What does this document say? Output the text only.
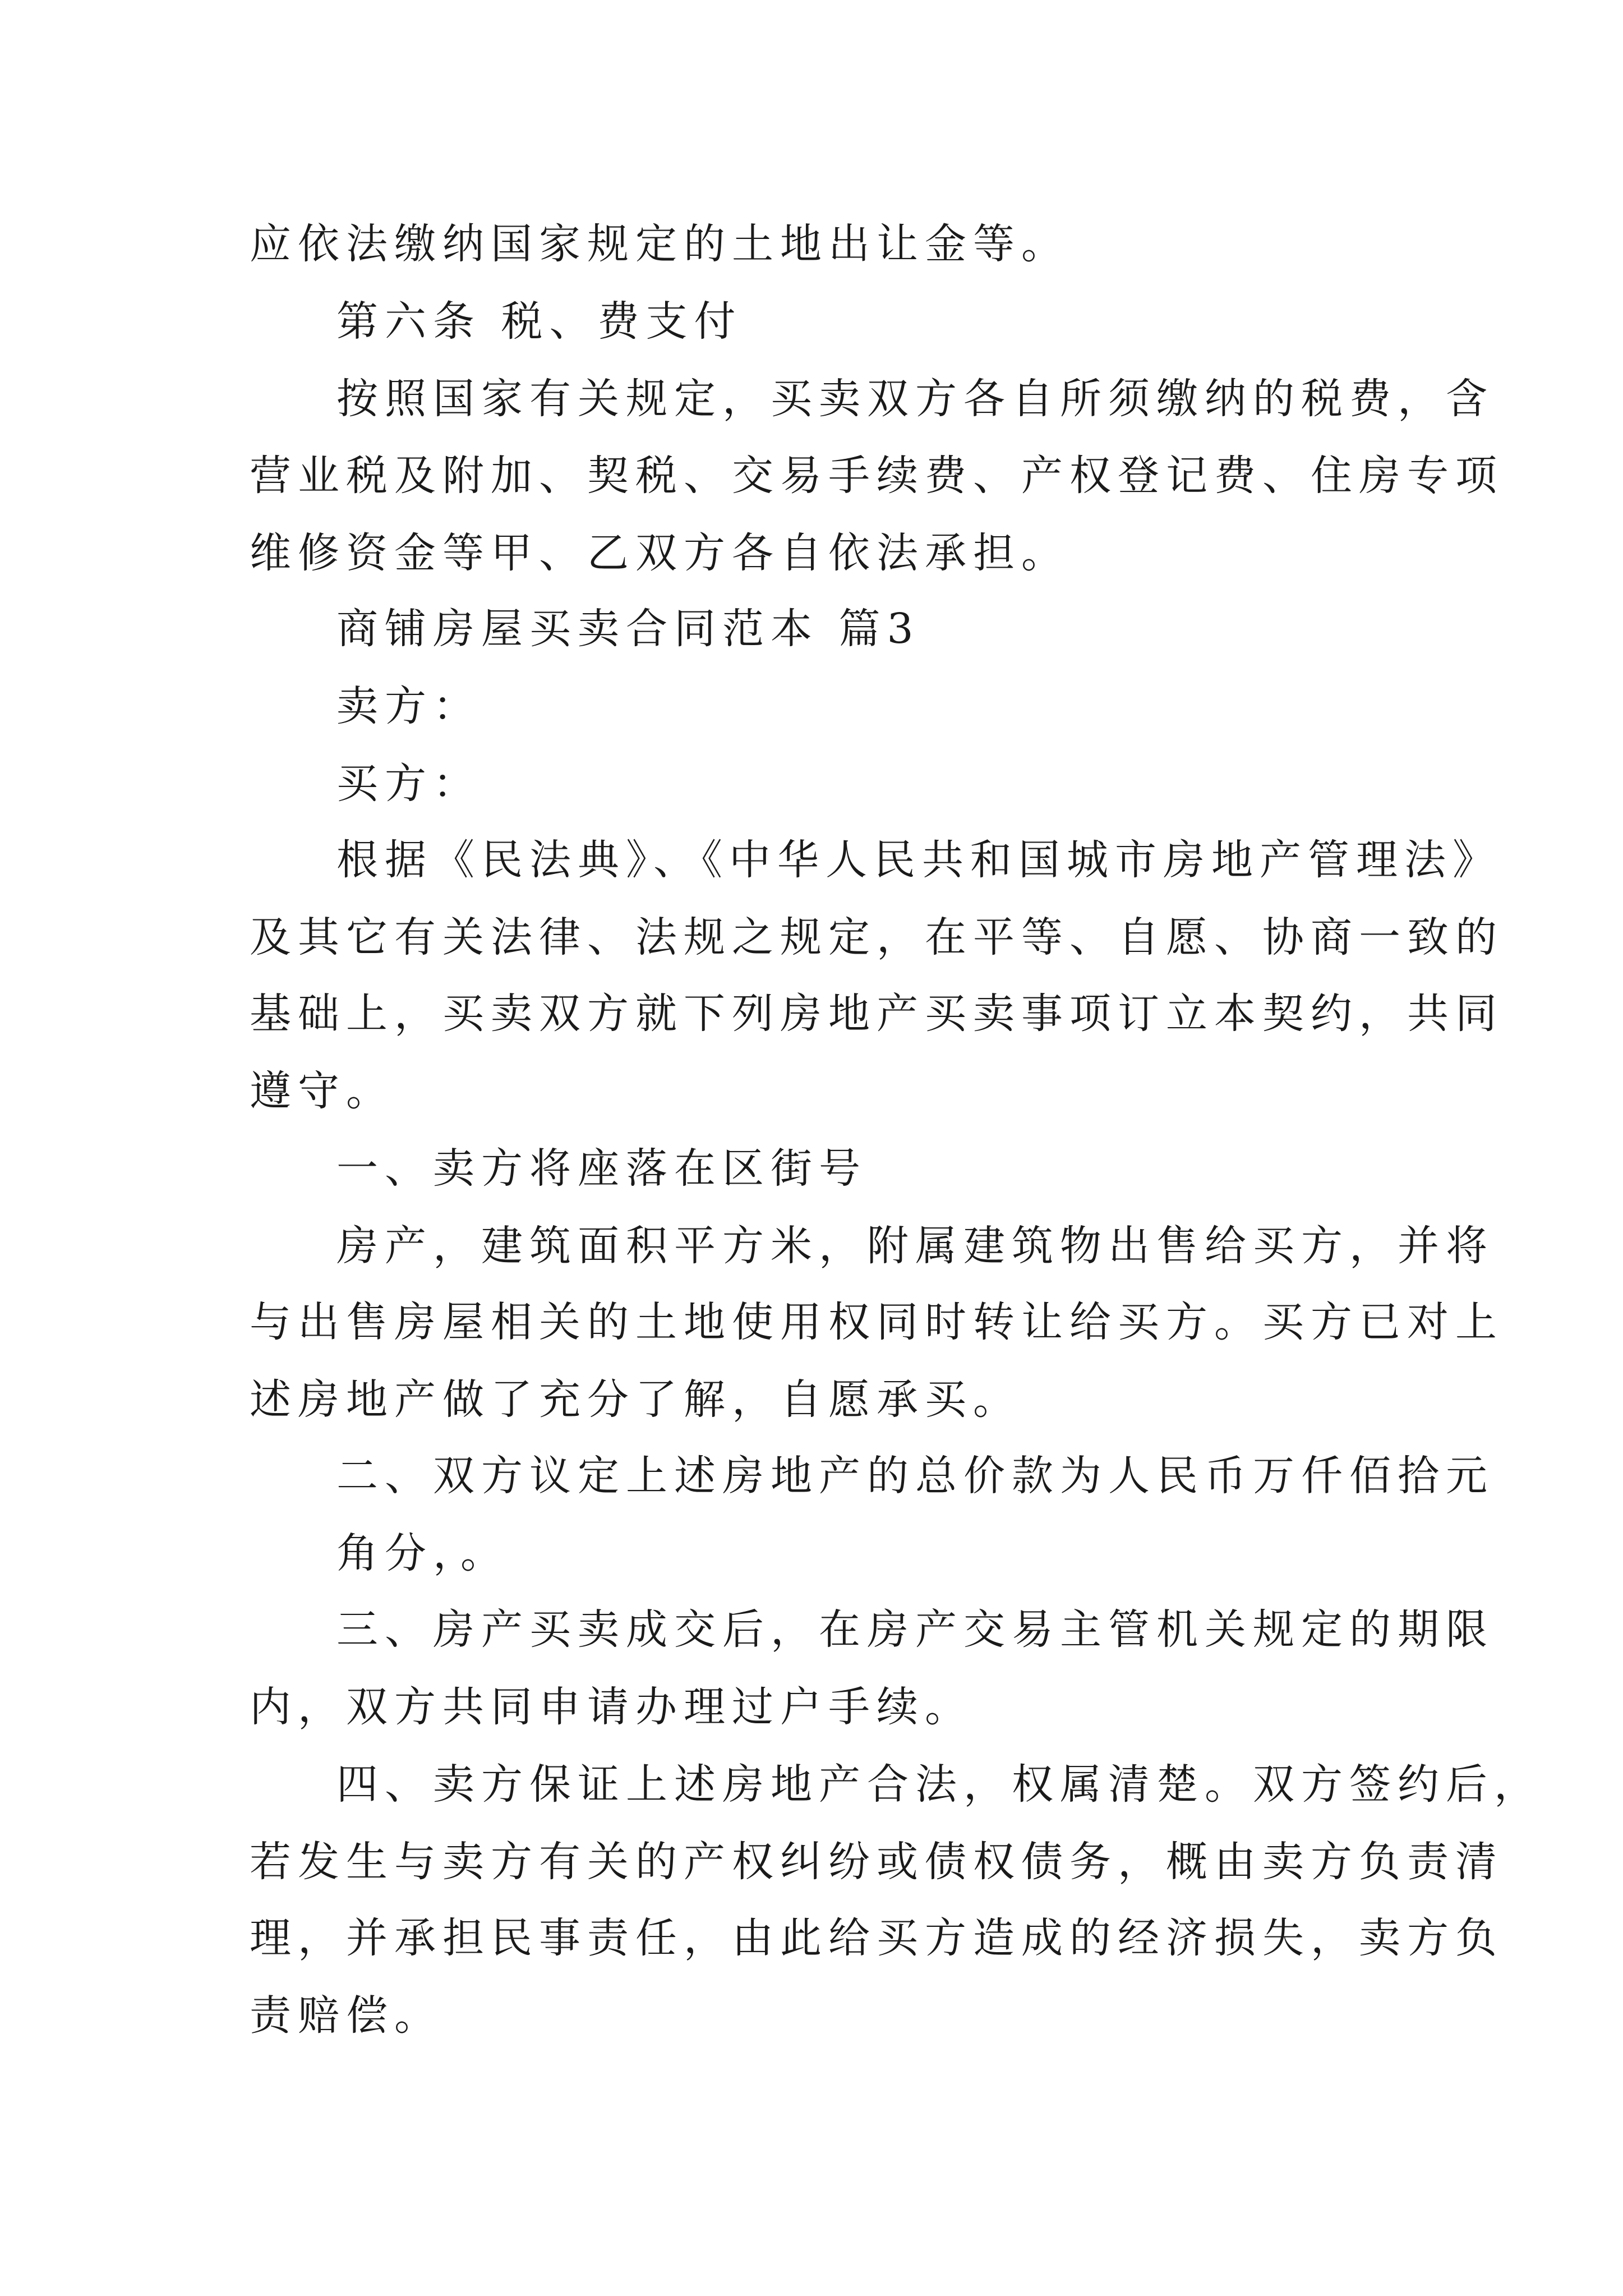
应依法缴纳国家规定的土地出让金等。
第六条 税、费支付
按照国家有关规定，买卖双方各自所须缴纳的税费，含
营业税及附加、契税、交易手续费、产权登记费、住房专项
维修资金等甲、乙双方各自依法承担。
商铺房屋买卖合同范本 篇3
卖方：
买方：
根据《民法典》、《中华人民共和国城市房地产管理法》
及其它有关法律、法规之规定，在平等、自愿、协商一致的
基础上，买卖双方就下列房地产买卖事项订立本契约，共同
遵守。
一、卖方将座落在区街号
房产，建筑面积平方米，附属建筑物出售给买方，并将
与出售房屋相关的土地使用权同时转让给买方。买方已对上
述房地产做了充分了解，自愿承买。
二、双方议定上述房地产的总价款为人民币万仟佰拾元
角分，。
三、房产买卖成交后，在房产交易主管机关规定的期限
内，双方共同申请办理过户手续。
四、卖方保证上述房地产合法，权属清楚。双方签约后，
若发生与卖方有关的产权纠纷或债权债务，概由卖方负责清
理，并承担民事责任，由此给买方造成的经济损失，卖方负
责赔偿。
